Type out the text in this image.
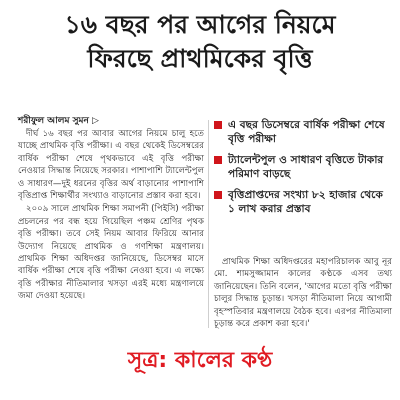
১৬ বছর পর আগের নিয়মে
ফিরছে প্রাথমিকের বৃত্তি
শরীফুল আলম সুমন ▷

দীর্ঘ ১৬ বছর পর আবার আগের নিয়মে চালু হতে যাচ্ছে প্রাথমিক বৃত্তি পরীক্ষা। এ বছর থেকেই ডিসেম্বরের বার্ষিক পরীক্ষা শেষে পৃথকভাবে এই বৃত্তি পরীক্ষা নেওয়ার সিদ্ধান্ত নিয়েছে সরকার। পাশাপাশি ট্যালেন্টপুল ও সাধারণ—দুই ধরনের বৃত্তির অর্থ বাড়ানোর পাশাপাশি বৃত্তিপ্রাপ্ত শিক্ষার্থীর সংখ্যাও বাড়ানোর প্রস্তাব করা হবে।

২০০৯ সালে প্রাথমিক শিক্ষা সমাপনী (পিইসি) পরীক্ষা প্রচলনের পর বন্ধ হয়ে গিয়েছিল পঞ্চম শ্রেণির পৃথক বৃত্তি পরীক্ষা। তবে সেই নিয়ম আবার ফিরিয়ে আনার উদ্যোগ নিয়েছে প্রাথমিক ও গণশিক্ষা মন্ত্রণালয়। প্রাথমিক শিক্ষা অধিদপ্তর জানিয়েছে, ডিসেম্বর মাসে বার্ষিক পরীক্ষা শেষে বৃত্তি পরীক্ষা নেওয়া হবে। এ লক্ষ্যে বৃত্তি পরীক্ষার নীতিমালার খসড়া এরই মধ্যে মন্ত্রণালয়ে জমা দেওয়া হয়েছে।

এ বছর ডিসেম্বরে বার্ষিক পরীক্ষা শেষে বৃত্তি পরীক্ষা
ট্যালেন্টপুল ও সাধারণ বৃত্তিতে টাকার পরিমাণ বাড়ছে
বৃত্তিপ্রাপ্তদের সংখ্যা ৮২ হাজার থেকে ১ লাখ করার প্রস্তাব

প্রাথমিক শিক্ষা অধিদপ্তরের মহাপরিচালক আবু নূর মো. শামসুজ্জামান কালের কণ্ঠকে এসব তথ্য জানিয়েছেন। তিনি বলেন, 'আগের মতো বৃত্তি পরীক্ষা চালুর সিদ্ধান্ত চূড়ান্ত। খসড়া নীতিমালা নিয়ে আগামী বৃহস্পতিবার মন্ত্রণালয়ে বৈঠক হবে। এরপর নীতিমালা চূড়ান্ত করে প্রকাশ করা হবে।'

সূত্র: কালের কণ্ঠ
